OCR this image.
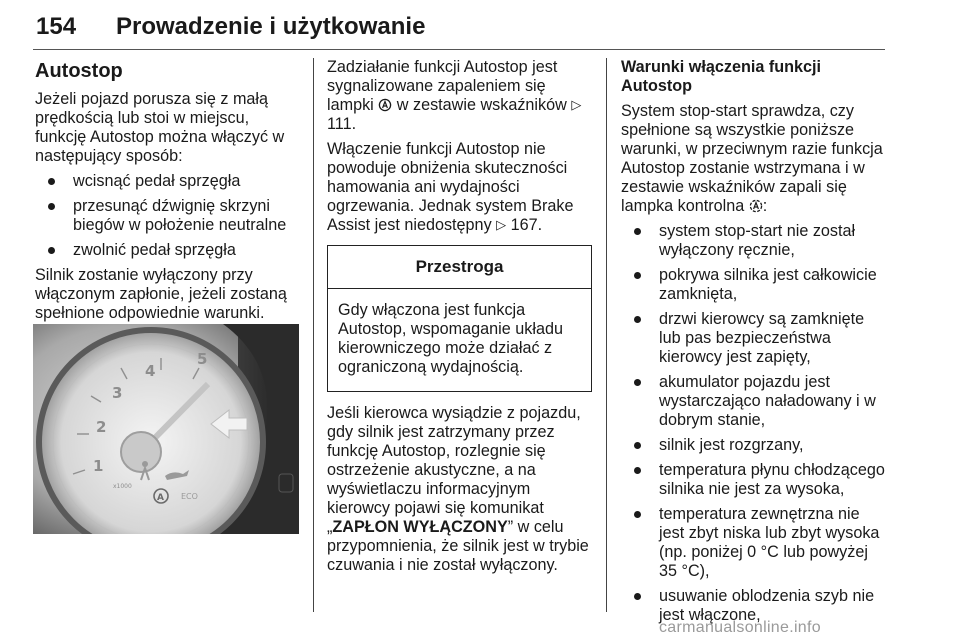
154 Prowadzenie i użytkowanie
Autostop

Jeżeli pojazd porusza się z małą prędkością lub stoi w miejscu, funkcję Autostop można włączyć w następujący sposób:

wcisnąć pedał sprzęgła
przesunąć dźwignię skrzyni biegów w położenie neutralne
zwolnić pedał sprzęgła

Silnik zostanie wyłączony przy włączonym zapłonie, jeżeli zostaną spełnione odpowiednie warunki.

1
2
3
4
5
x1000
A ECO

Zadziałanie funkcji Autostop jest sygnalizowane zapaleniem się lampki w zestawie wskaźników ▷ 111.

Włączenie funkcji Autostop nie powoduje obniżenia skuteczności hamowania ani wydajności ogrzewania. Jednak system Brake Assist jest niedostępny ▷ 167.

Przestroga
Gdy włączona jest funkcja Autostop, wspomaganie układu kierowniczego może działać z ograniczoną wydajnością.

Jeśli kierowca wysiądzie z pojazdu, gdy silnik jest zatrzymany przez funkcję Autostop, rozlegnie się ostrzeżenie akustyczne, a na wyświetlaczu informacyjnym kierowcy pojawi się komunikat „ZAPŁON WYŁĄCZONY” w celu przypomnienia, że silnik jest w trybie czuwania i nie został wyłączony.

Warunki włączenia funkcji Autostop

System stop-start sprawdza, czy spełnione są wszystkie poniższe warunki, w przeciwnym razie funkcja Autostop zostanie wstrzymana i w zestawie wskaźników zapali się lampka kontrolna :

system stop-start nie został wyłączony ręcznie,
pokrywa silnika jest całkowicie zamknięta,
drzwi kierowcy są zamknięte lub pas bezpieczeństwa kierowcy jest zapięty,
akumulator pojazdu jest wystarczająco naładowany i w dobrym stanie,
silnik jest rozgrzany,
temperatura płynu chłodzącego silnika nie jest za wysoka,
temperatura zewnętrzna nie jest zbyt niska lub zbyt wysoka (np. poniżej 0 °C lub powyżej 35 °C),
usuwanie oblodzenia szyb nie jest włączone,
carmanualsonline.info
